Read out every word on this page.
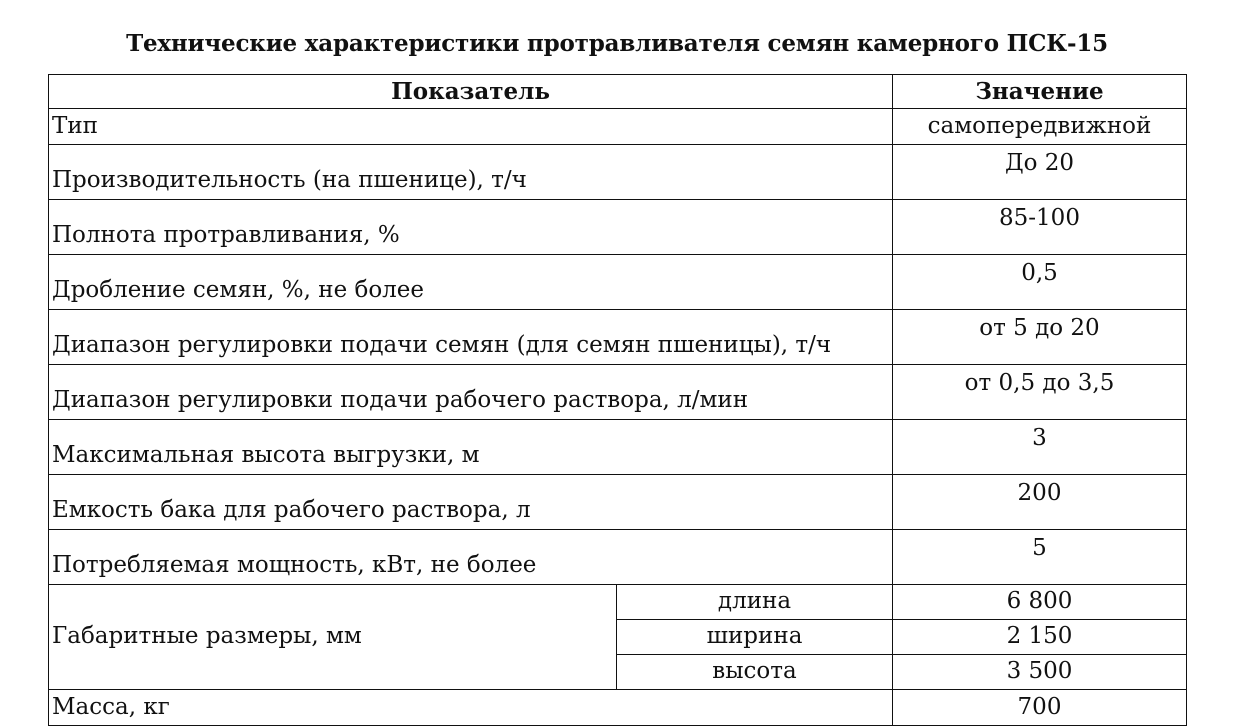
Технические характеристики протравливателя семян камерного ПСК-15
Показатель		Значение
Тип		самопередвижной
Производительность (на пшенице), т/ч		До 20
Полнота протравливания, %		85-100
Дробление семян, %, не более		0,5
Диапазон регулировки подачи семян (для семян пшеницы), т/ч		от 5 до 20
Диапазон регулировки подачи рабочего раствора, л/мин		от 0,5 до 3,5
Максимальная высота выгрузки, м		3
Емкость бака для рабочего раствора, л		200
Потребляемая мощность, кВт, не более		5
Габаритные размеры, мм	длина	6 800
	ширина	2 150
	высота	3 500
Масса, кг		700
